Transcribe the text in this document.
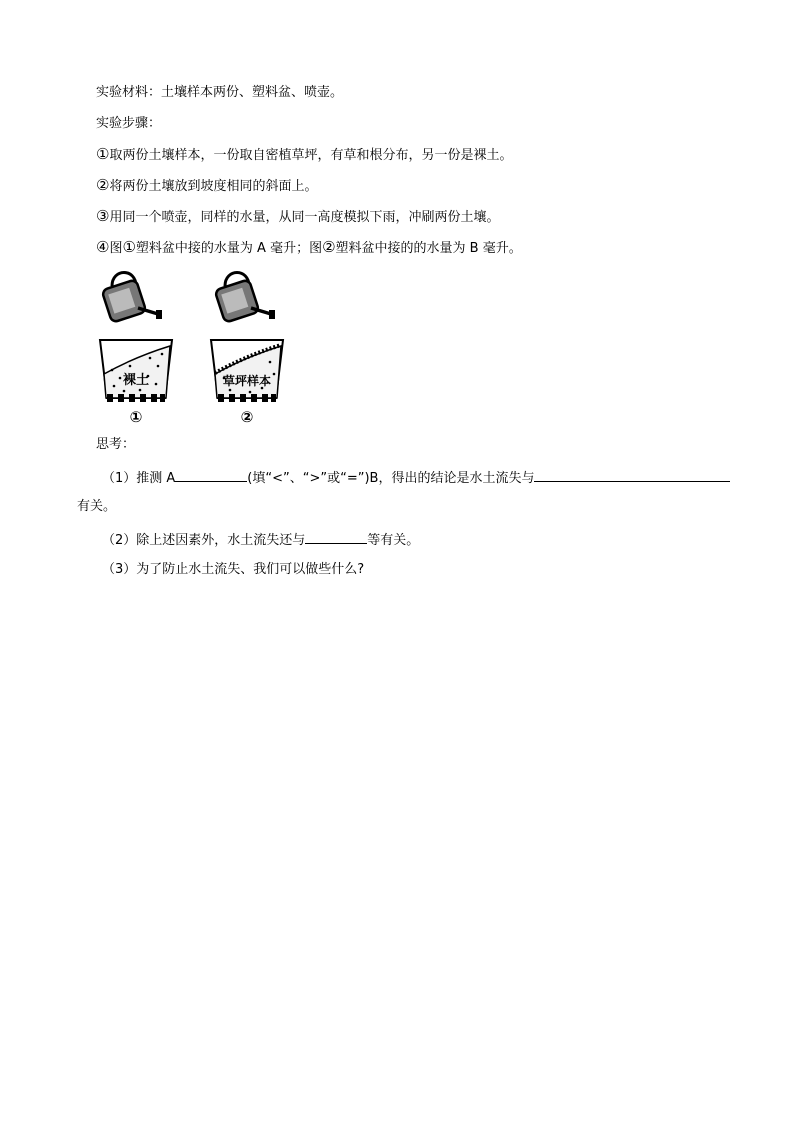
实验材料：土壤样本两份、塑料盆、喷壶。
实验步骤：
①取两份土壤样本，一份取自密植草坪，有草和根分布，另一份是裸土。
②将两份土壤放到坡度相同的斜面上。
③用同一个喷壶，同样的水量，从同一高度模拟下雨，冲刷两份土壤。
④图①塑料盆中接的水量为 A 毫升；图②塑料盆中接的的水量为 B 毫升。
裸土
①
草坪样本
②
思考：
（1）推测 A	(填“<”、“>”或“=”)B，得出的结论是水土流失与
有关。
（2）除上述因素外，水土流失还与	等有关。
（3）为了防止水土流失、我们可以做些什么?
